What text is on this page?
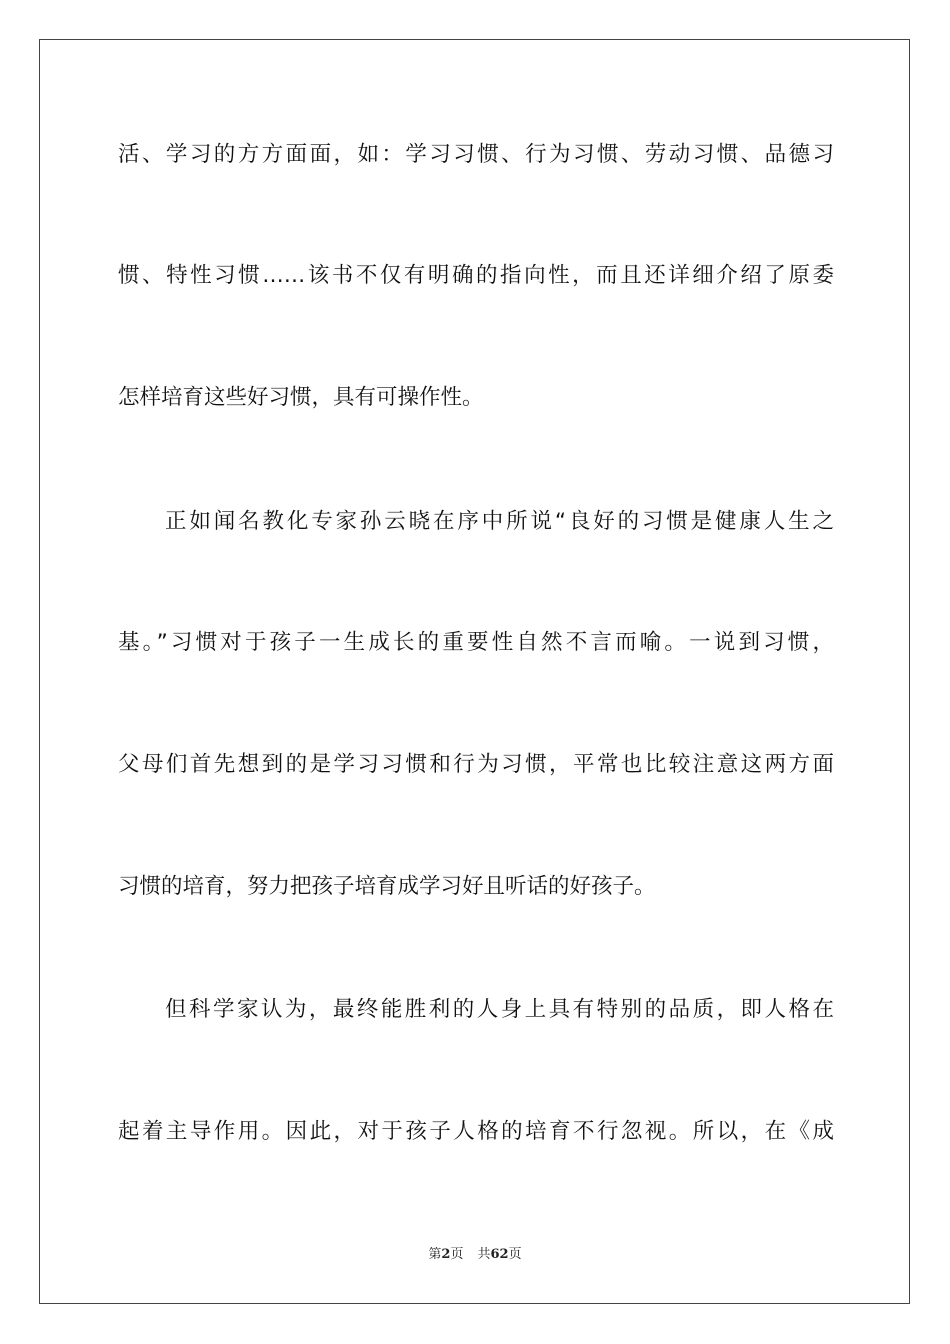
活、学习的方方面面，如：学习习惯、行为习惯、劳动习惯、品德习
惯、特性习惯……该书不仅有明确的指向性，而且还详细介绍了原委
怎样培育这些好习惯，具有可操作性。
正如闻名教化专家孙云晓在序中所说“良好的习惯是健康人生之
基。”习惯对于孩子一生成长的重要性自然不言而喻。一说到习惯，
父母们首先想到的是学习习惯和行为习惯，平常也比较注意这两方面
习惯的培育，努力把孩子培育成学习好且听话的好孩子。
但科学家认为，最终能胜利的人身上具有特别的品质，即人格在
起着主导作用。因此，对于孩子人格的培育不行忽视。所以，在《成
第2页 共62页
